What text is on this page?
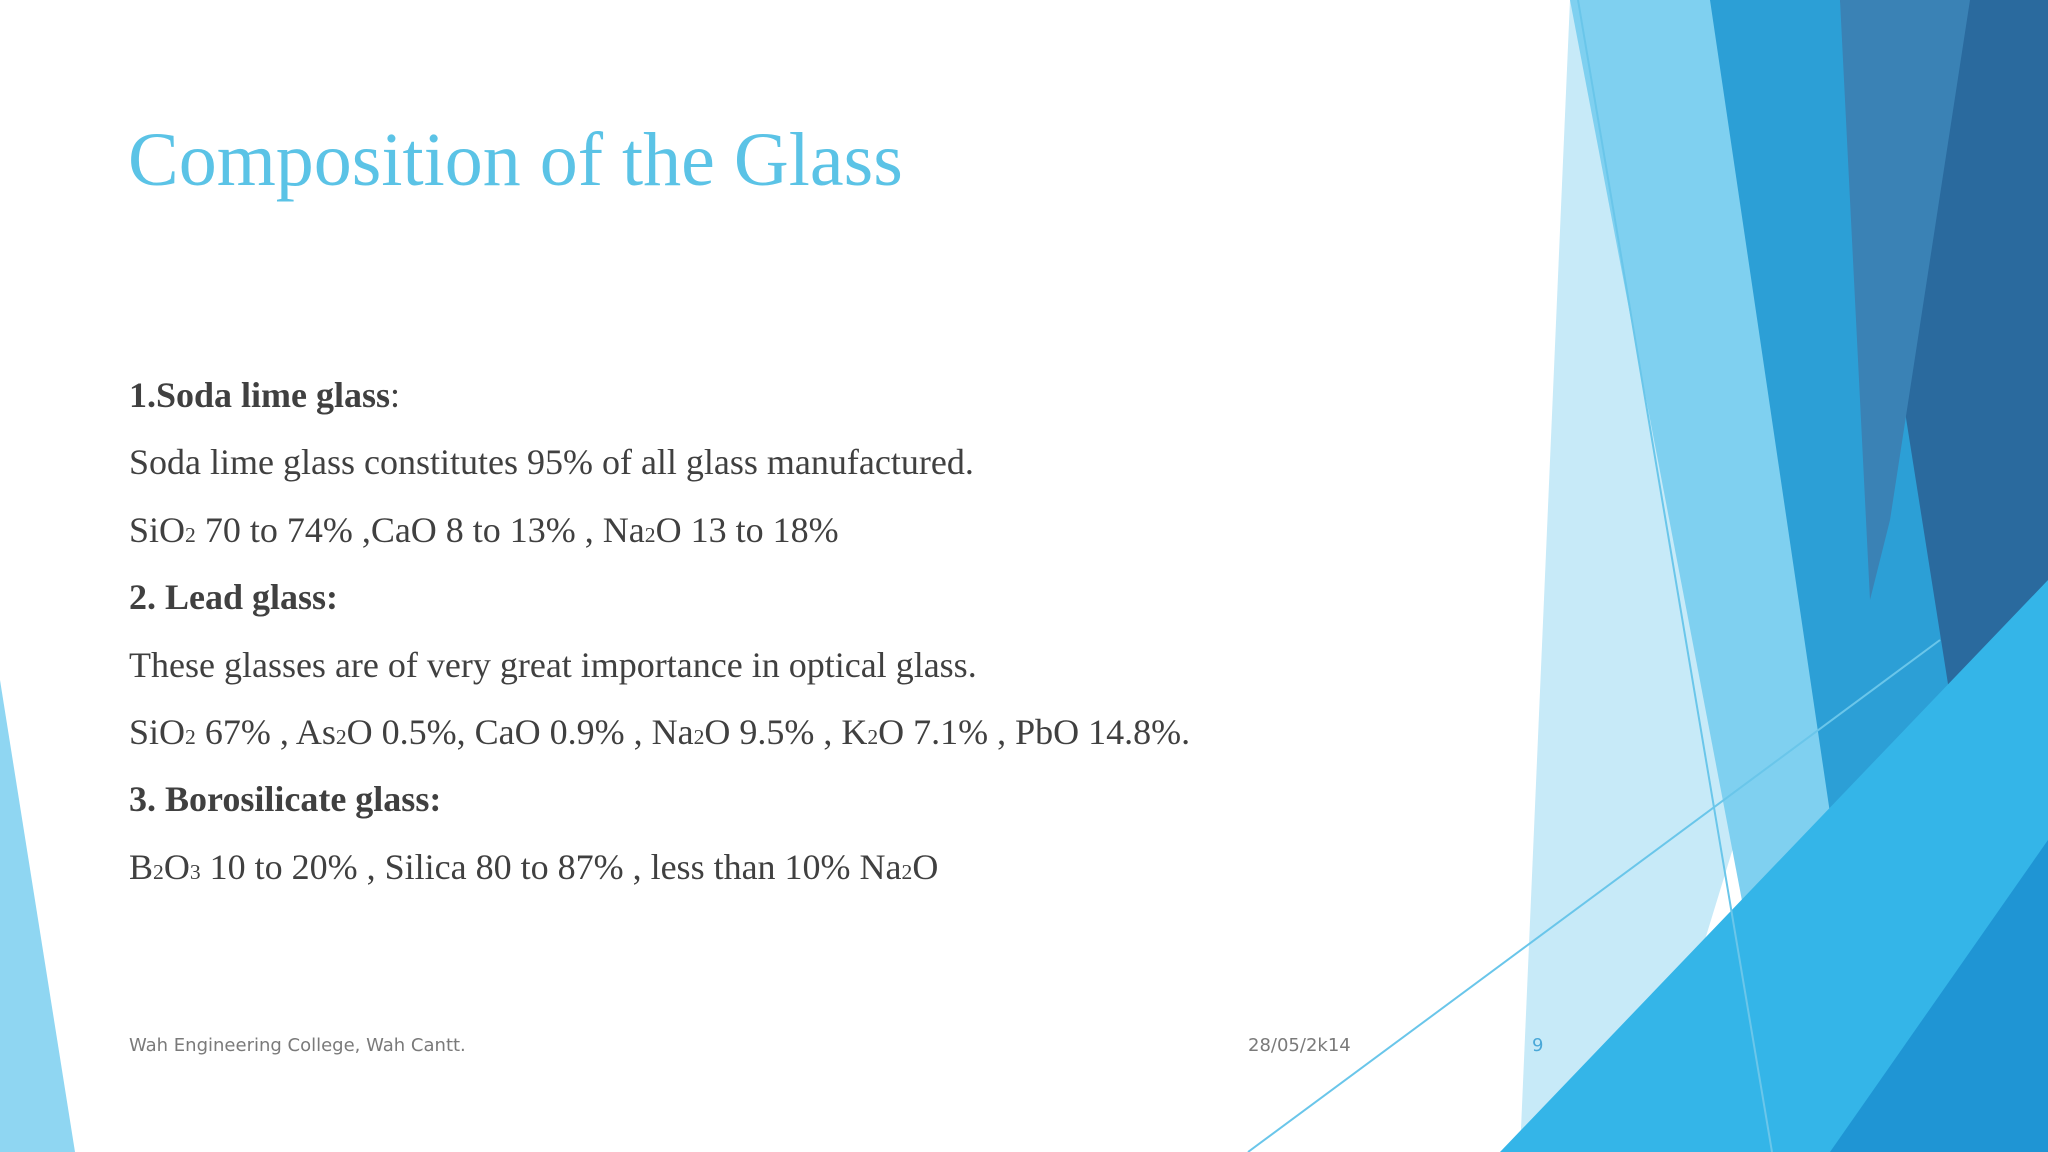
Composition of the Glass
1.Soda lime glass:
Soda lime glass constitutes 95% of all glass manufactured.
SiO2 70 to 74% ,CaO 8 to 13% , Na2O 13 to 18%
2. Lead glass:
These glasses are of very great importance in optical glass.
SiO2 67% , As2O 0.5%, CaO 0.9% , Na2O 9.5% , K2O 7.1% , PbO 14.8%.
3. Borosilicate glass:
B2O3 10 to 20% , Silica 80 to 87% , less than 10% Na2O
Wah Engineering College, Wah Cantt.	28/05/2k14	9
